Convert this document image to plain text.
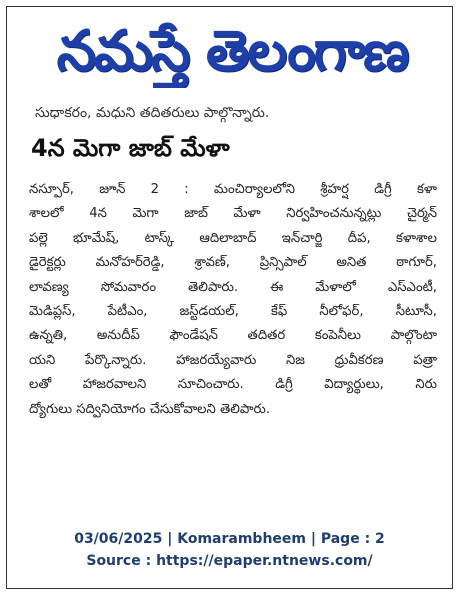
నమస్తే తెలంగాణ
సుధాకరం, మధుని తదితరులు పాల్గొన్నారు.
4న మెగా జాబ్ మేళా
నస్పూర్, జూన్ 2 : మంచిర్యాలలోని శ్రీహర్ష డిగ్రీ కళా
శాలలో 4న మెగా జాబ్ మేళా నిర్వహించనున్నట్లు చైర్మన్
పల్లె భూమేష్, టాస్క్ ఆదిలాబాద్ ఇన్‌చార్జి దీప, కళాశాల
డైరెక్టర్లు మనోహర్‌రెడ్డి, శ్రావణ్, ప్రిన్సిపాల్ అనిత ఠాగూర్,
లావణ్య సోమవారం తెలిపారు. ఈ మేళాలో ఎస్‌ఎంటీ,
మెడిప్లస్, పేటీఎం, జస్ట్‌డయల్, కేఫ్ నీలోఫర్, సీటూసీ,
ఉన్నతి, అనుదీప్ ఫౌండేషన్ తదితర కంపెనీలు పాల్గొంటా
యని పేర్కొన్నారు. హాజరయ్యేవారు నిజ ధ్రువీకరణ పత్రా
లతో హాజరవాలని సూచించారు. డిగ్రీ విద్యార్థులు, నిరు
ద్యోగులు సద్వినియోగం చేసుకోవాలని తెలిపారు.
03/06/2025 | Komarambheem | Page : 2
Source : https://epaper.ntnews.com/
